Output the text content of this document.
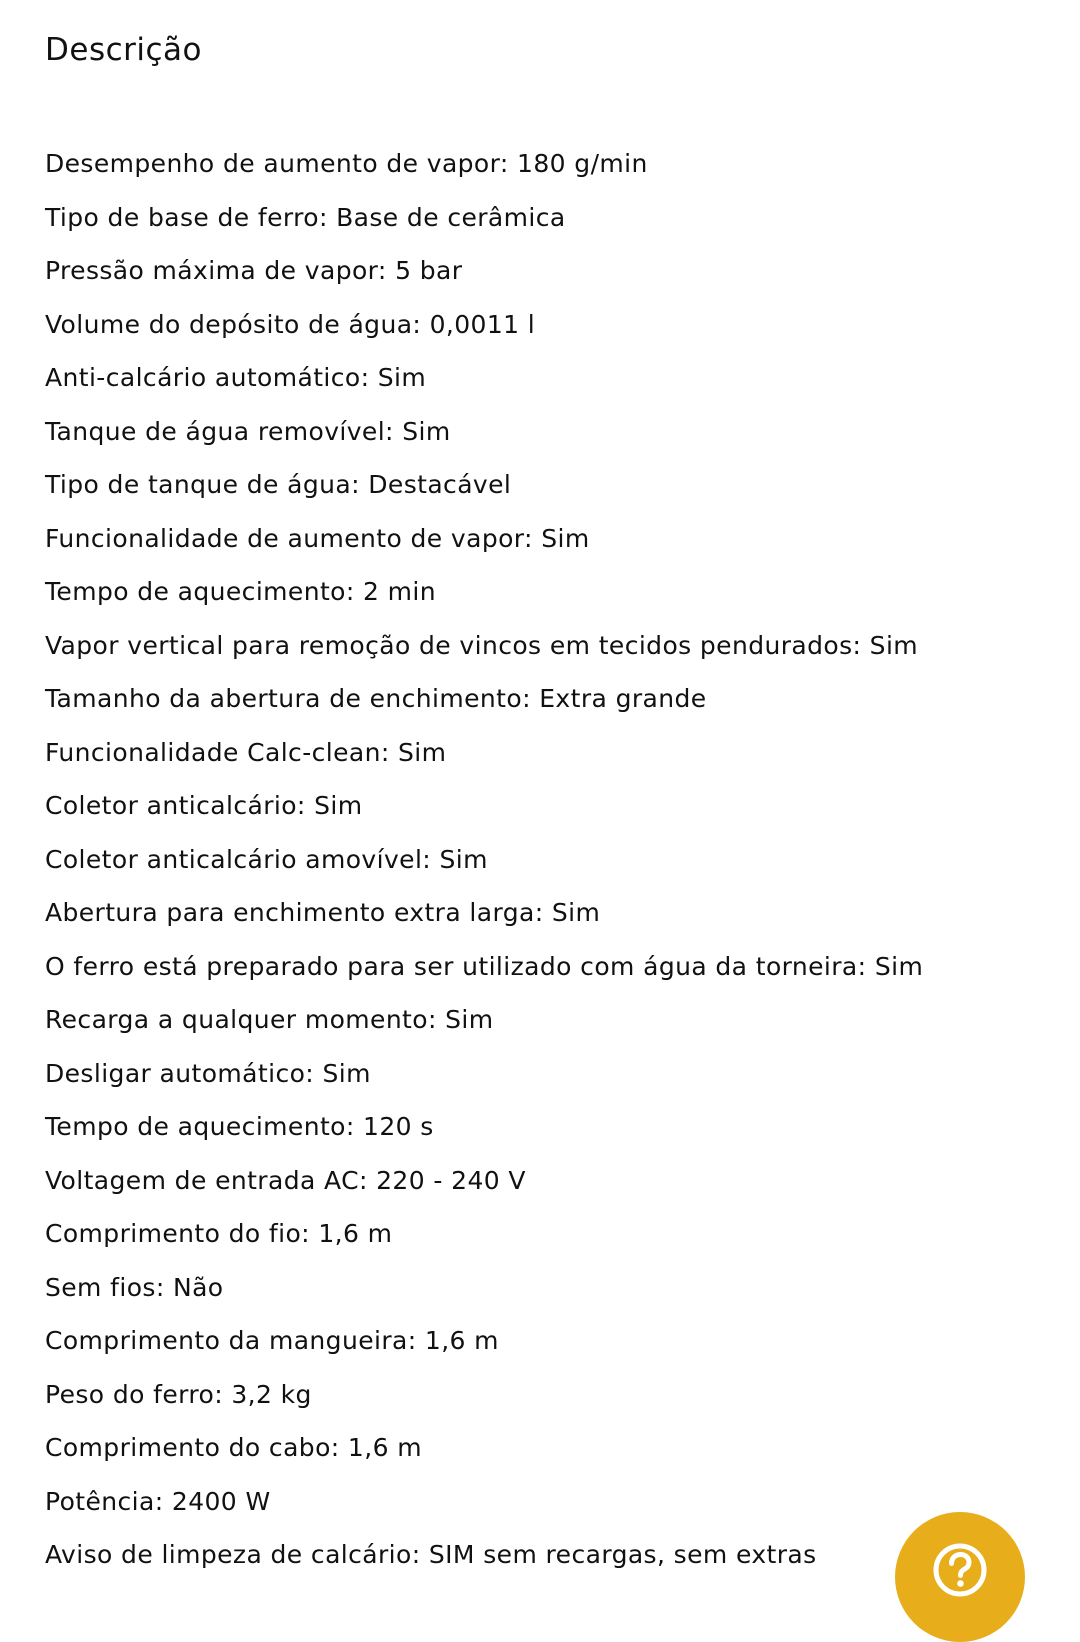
Descrição
Desempenho de aumento de vapor: 180 g/min
Tipo de base de ferro: Base de cerâmica
Pressão máxima de vapor: 5 bar
Volume do depósito de água: 0,0011 l
Anti-calcário automático: Sim
Tanque de água removível: Sim
Tipo de tanque de água: Destacável
Funcionalidade de aumento de vapor: Sim
Tempo de aquecimento: 2 min
Vapor vertical para remoção de vincos em tecidos pendurados: Sim
Tamanho da abertura de enchimento: Extra grande
Funcionalidade Calc-clean: Sim
Coletor anticalcário: Sim
Coletor anticalcário amovível: Sim
Abertura para enchimento extra larga: Sim
O ferro está preparado para ser utilizado com água da torneira: Sim
Recarga a qualquer momento: Sim
Desligar automático: Sim
Tempo de aquecimento: 120 s
Voltagem de entrada AC: 220 - 240 V
Comprimento do fio: 1,6 m
Sem fios: Não
Comprimento da mangueira: 1,6 m
Peso do ferro: 3,2 kg
Comprimento do cabo: 1,6 m
Potência: 2400 W
Aviso de limpeza de calcário: SIM sem recargas, sem extras
